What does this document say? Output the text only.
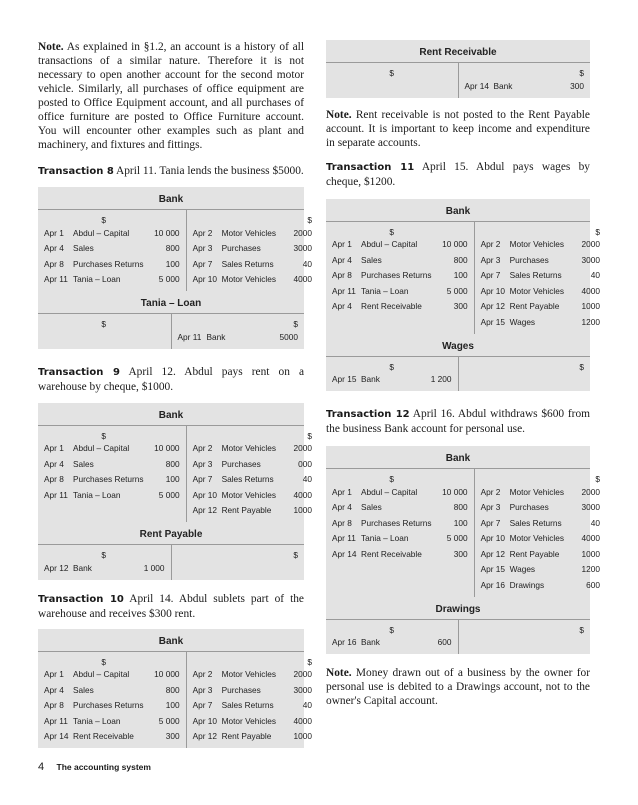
Note. As explained in §1.2, an account is a history of all transactions of a similar nature. Therefore it is not necessary to open another account for the second motor vehicle. Similarly, all purchases of office equipment are posted to Office Equipment account, and all purchases of office furniture are posted to Office Furniture account. You will encounter other examples such as plant and machinery, and fixtures and fittings.

Transaction 8 April 11. Tania lends the business $5000.

Bank
$
Apr 1	Abdul – Capital	10 000
Apr 4	Sales	800
Apr 8	Purchases Returns	100
Apr 11 Tania – Loan	5 000
$
Apr 2	Motor Vehicles	2000
Apr 3	Purchases	3000
Apr 7	Sales Returns	40
Apr 10 Motor Vehicles	4000
Tania – Loan
$	$
Apr 11 Bank	5000

Transaction 9 April 12. Abdul pays rent on a warehouse by cheque, $1000.

Bank
$
Apr 1	Abdul – Capital	10 000
Apr 4	Sales	800
Apr 8	Purchases Returns	100
Apr 11 Tania – Loan	5 000
$
Apr 2	Motor Vehicles	2000
Apr 3	Purchases	000
Apr 7	Sales Returns	40
Apr 10 Motor Vehicles	4000
Apr 12 Rent Payable	1000
Rent Payable
$
Apr 12 Bank	1 000
$

Transaction 10 April 14. Abdul sublets part of the warehouse and receives $300 rent.

Bank
$
Apr 1	Abdul – Capital	10 000
Apr 4	Sales	800
Apr 8	Purchases Returns	100
Apr 11 Tania – Loan	5 000
Apr 14 Rent Receivable	300
$
Apr 2	Motor Vehicles	2000
Apr 3	Purchases	3000
Apr 7	Sales Returns	40
Apr 10 Motor Vehicles	4000
Apr 12 Rent Payable	1000
Rent Receivable
$	$
Apr 14 Bank	300

Note. Rent receivable is not posted to the Rent Payable account. It is important to keep income and expenditure in separate accounts.

Transaction 11 April 15. Abdul pays wages by cheque, $1200.

Bank
$
Apr 1	Abdul – Capital	10 000
Apr 4	Sales	800
Apr 8	Purchases Returns	100
Apr 11 Tania – Loan	5 000
Apr 4	Rent Receivable	300
$
Apr 2	Motor Vehicles	2000
Apr 3	Purchases	3000
Apr 7	Sales Returns	40
Apr 10 Motor Vehicles	4000
Apr 12 Rent Payable	1000
Apr 15 Wages	1200
Wages
$
Apr 15 Bank	1 200
$

Transaction 12 April 16. Abdul withdraws $600 from the business Bank account for personal use.

Bank
$
Apr 1	Abdul – Capital	10 000
Apr 4	Sales	800
Apr 8	Purchases Returns	100
Apr 11 Tania – Loan	5 000
Apr 14 Rent Receivable	300
$
Apr 2	Motor Vehicles	2000
Apr 3	Purchases	3000
Apr 7	Sales Returns	40
Apr 10 Motor Vehicles	4000
Apr 12 Rent Payable	1000
Apr 15 Wages	1200
Apr 16 Drawings	600
Drawings
$
Apr 16 Bank	600
$

Note. Money drawn out of a business by the owner for personal use is debited to a Drawings account, not to the owner's Capital account.

4 The accounting system
